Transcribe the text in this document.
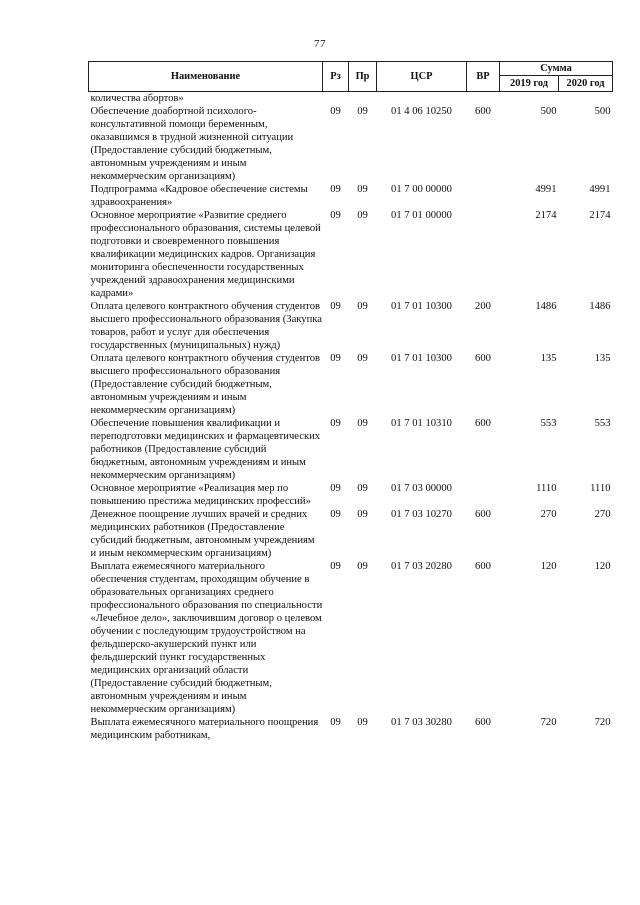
77
Наименование	Рз	Пр	ЦСР	ВР	Сумма	
					2019 год	2020 год
количества абортов»						
Обеспечение доабортной психолого-консультативной помощи беременным, оказавшимся в трудной жизненной ситуации (Предоставление субсидий бюджетным, автономным учреждениям и иным некоммерческим организациям)	09	09	01 4 06 10250	600	500	500
Подпрограмма «Кадровое обеспечение системы здравоохранения»	09	09	01 7 00 00000		4991	4991
Основное мероприятие «Развитие среднего профессионального образования, системы целевой подготовки и своевременного повышения квалификации медицинских кадров. Организация мониторинга обеспеченности государственных учреждений здравоохранения медицинскими кадрами»	09	09	01 7 01 00000		2174	2174
Оплата целевого контрактного обучения студентов высшего профессионального образования (Закупка товаров, работ и услуг для обеспечения государственных (муниципальных) нужд)	09	09	01 7 01 10300	200	1486	1486
Оплата целевого контрактного обучения студентов высшего профессионального образования (Предоставление субсидий бюджетным, автономным учреждениям и иным некоммерческим организациям)	09	09	01 7 01 10300	600	135	135
Обеспечение повышения квалификации и переподготовки медицинских и фармацевтических работников (Предоставление субсидий бюджетным, автономным учреждениям и иным некоммерческим организациям)	09	09	01 7 01 10310	600	553	553
Основное мероприятие «Реализация мер по повышению престижа медицинских профессий»	09	09	01 7 03 00000		1110	1110
Денежное поощрение лучших врачей и средних медицинских работников (Предоставление субсидий бюджетным, автономным учреждениям и иным некоммерческим организациям)	09	09	01 7 03 10270	600	270	270
Выплата ежемесячного материального обеспечения студентам, проходящим обучение в образовательных организациях среднего профессионального образования по специальности «Лечебное дело», заключившим договор о целевом обучении с последующим трудоустройством на фельдшерско-акушерский пункт или фельдшерский пункт государственных медицинских организаций области (Предоставление субсидий бюджетным, автономным учреждениям и иным некоммерческим организациям)	09	09	01 7 03 20280	600	120	120
Выплата ежемесячного материального поощрения медицинским работникам,	09	09	01 7 03 30280	600	720	720
